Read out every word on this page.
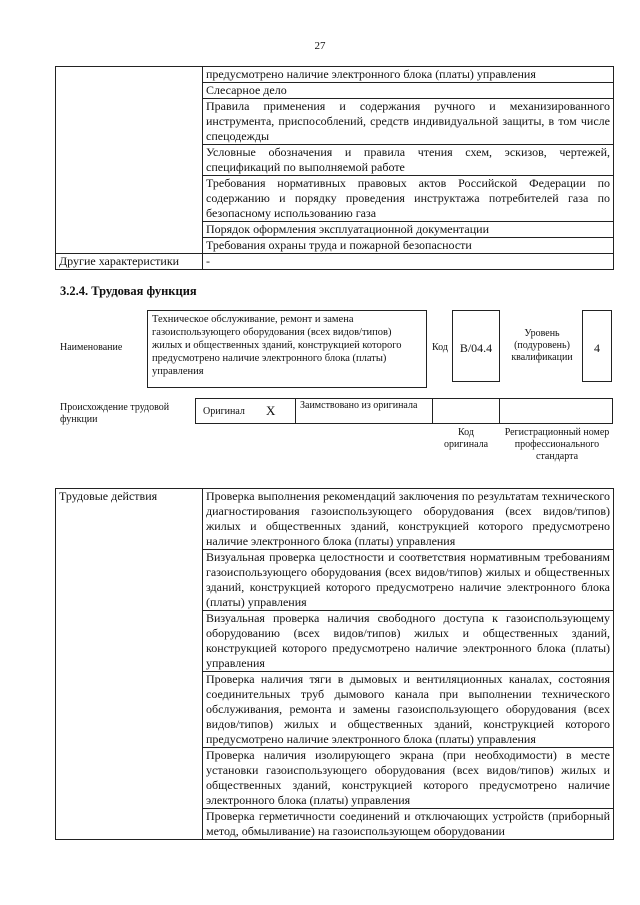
27
	предусмотрено наличие электронного блока (платы) управления
	Слесарное дело
	Правила применения и содержания ручного и механизированного инструмента, приспособлений, средств индивидуальной защиты, в том числе спецодежды
	Условные обозначения и правила чтения схем, эскизов, чертежей, спецификаций по выполняемой работе
	Требования нормативных правовых актов Российской Федерации по содержанию и порядку проведения инструктажа потребителей газа по безопасному использованию газа
	Порядок оформления эксплуатационной документации
	Требования охраны труда и пожарной безопасности
Другие характеристики	-
3.2.4. Трудовая функция
Наименование
Техническое обслуживание, ремонт и замена газоиспользующего оборудования (всех видов/типов) жилых и общественных зданий, конструкцией которого предусмотрено наличие электронного блока (платы) управления
Код B/04.4
Уровень (подуровень) квалификации
4
Происхождение трудовой функции
Оригинал X Заимствовано из оригинала
Код оригинала
Регистрационный номер профессионального стандарта
Трудовые действия	Проверка выполнения рекомендаций заключения по результатам технического диагностирования газоиспользующего оборудования (всех видов/типов) жилых и общественных зданий, конструкцией которого предусмотрено наличие электронного блока (платы) управления
Визуальная проверка целостности и соответствия нормативным требованиям газоиспользующего оборудования (всех видов/типов) жилых и общественных зданий, конструкцией которого предусмотрено наличие электронного блока (платы) управления
Визуальная проверка наличия свободного доступа к газоиспользующему оборудованию (всех видов/типов) жилых и общественных зданий, конструкцией которого предусмотрено наличие электронного блока (платы) управления
Проверка наличия тяги в дымовых и вентиляционных каналах, состояния соединительных труб дымового канала при выполнении технического обслуживания, ремонта и замены газоиспользующего оборудования (всех видов/типов) жилых и общественных зданий, конструкцией которого предусмотрено наличие электронного блока (платы) управления
Проверка наличия изолирующего экрана (при необходимости) в месте установки газоиспользующего оборудования (всех видов/типов) жилых и общественных зданий, конструкцией которого предусмотрено наличие электронного блока (платы) управления
Проверка герметичности соединений и отключающих устройств (приборный метод, обмыливание) на газоиспользующем оборудовании
